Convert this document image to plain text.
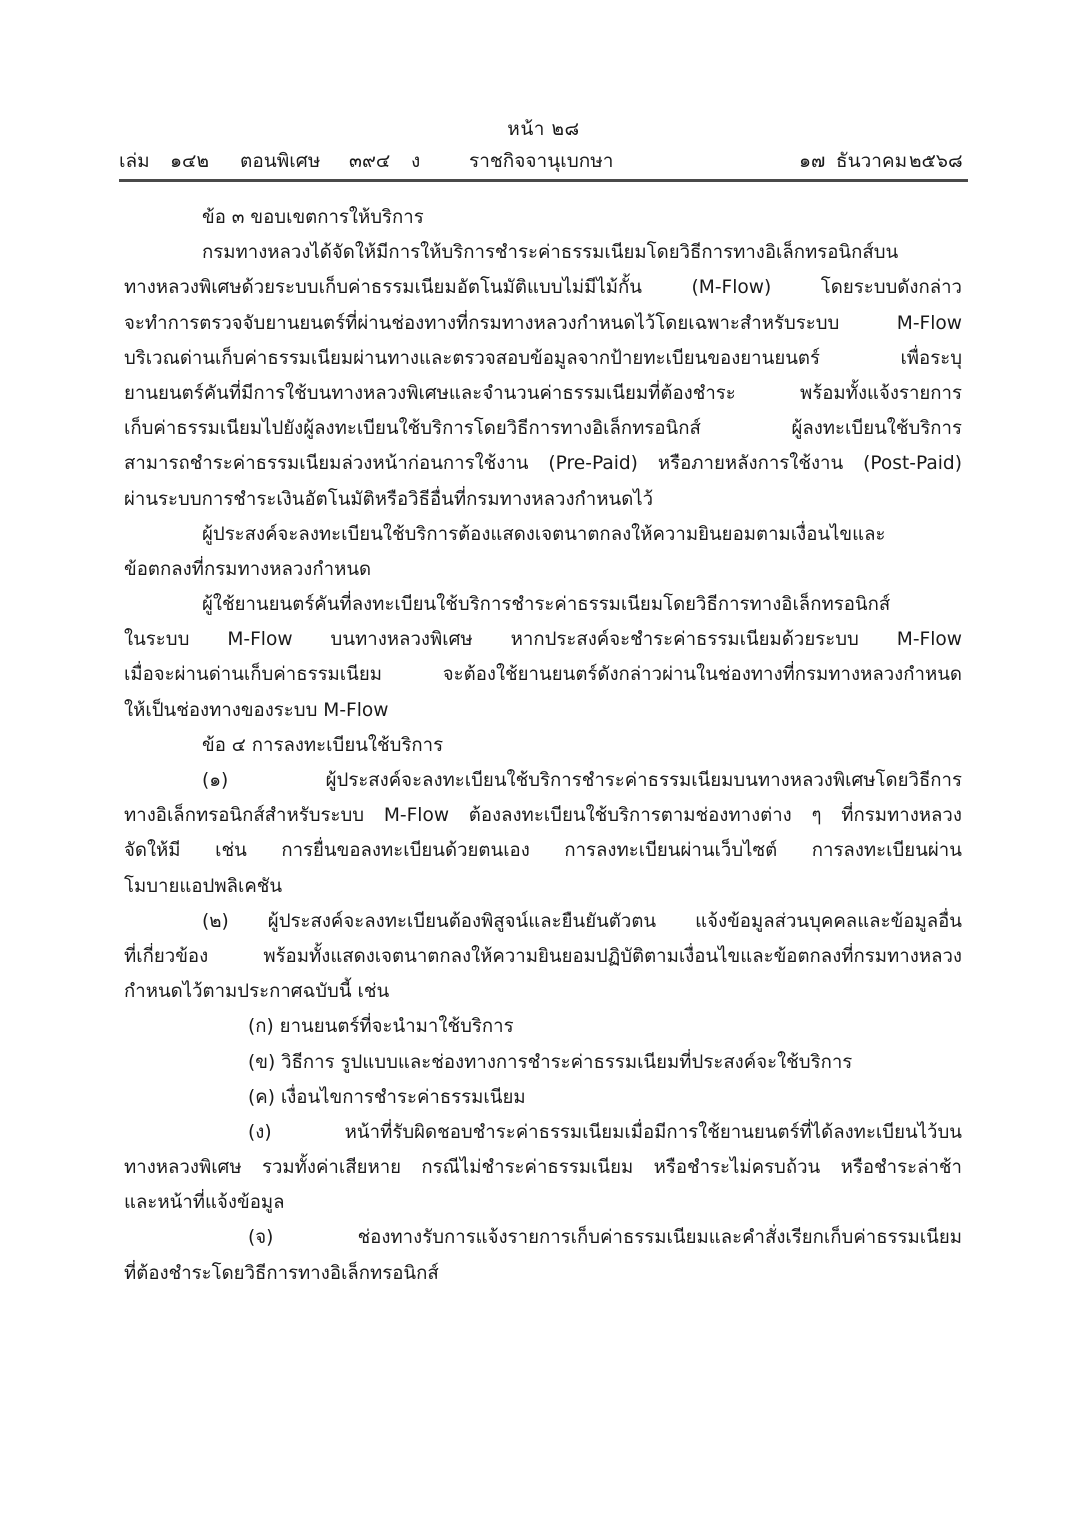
หน้า ๒๘
เล่ม ๑๔๒ ตอนพิเศษ ๓๙๔ ง	ราชกิจจานุเบกษา	๑๗ ธันวาคม ๒๕๖๘
ข้อ ๓ ขอบเขตการให้บริการ
กรมทางหลวงได้จัดให้มีการให้บริการชำระค่าธรรมเนียมโดยวิธีการทางอิเล็กทรอนิกส์บน
ทางหลวงพิเศษด้วยระบบเก็บค่าธรรมเนียมอัตโนมัติแบบไม่มีไม้กั้น	(M-Flow)	โดยระบบดังกล่าว
จะทำการตรวจจับยานยนตร์ที่ผ่านช่องทางที่กรมทางหลวงกำหนดไว้โดยเฉพาะสำหรับระบบ	M-Flow
บริเวณด่านเก็บค่าธรรมเนียมผ่านทางและตรวจสอบข้อมูลจากป้ายทะเบียนของยานยนตร์	เพื่อระบุ
ยานยนตร์คันที่มีการใช้บนทางหลวงพิเศษและจำนวนค่าธรรมเนียมที่ต้องชำระ	พร้อมทั้งแจ้งรายการ
เก็บค่าธรรมเนียมไปยังผู้ลงทะเบียนใช้บริการโดยวิธีการทางอิเล็กทรอนิกส์	ผู้ลงทะเบียนใช้บริการ
สามารถชำระค่าธรรมเนียมล่วงหน้าก่อนการใช้งาน (Pre-Paid) หรือภายหลังการใช้งาน (Post-Paid)
ผ่านระบบการชำระเงินอัตโนมัติหรือวิธีอื่นที่กรมทางหลวงกำหนดไว้
ผู้ประสงค์จะลงทะเบียนใช้บริการต้องแสดงเจตนาตกลงให้ความยินยอมตามเงื่อนไขและ
ข้อตกลงที่กรมทางหลวงกำหนด
ผู้ใช้ยานยนตร์คันที่ลงทะเบียนใช้บริการชำระค่าธรรมเนียมโดยวิธีการทางอิเล็กทรอนิกส์
ในระบบ M-Flow บนทางหลวงพิเศษ หากประสงค์จะชำระค่าธรรมเนียมด้วยระบบ M-Flow
เมื่อจะผ่านด่านเก็บค่าธรรมเนียม	จะต้องใช้ยานยนตร์ดังกล่าวผ่านในช่องทางที่กรมทางหลวงกำหนด
ให้เป็นช่องทางของระบบ M-Flow
ข้อ ๔ การลงทะเบียนใช้บริการ
(๑)	ผู้ประสงค์จะลงทะเบียนใช้บริการชำระค่าธรรมเนียมบนทางหลวงพิเศษโดยวิธีการ
ทางอิเล็กทรอนิกส์สำหรับระบบ M-Flow ต้องลงทะเบียนใช้บริการตามช่องทางต่าง ๆ ที่กรมทางหลวง
จัดให้มี เช่น การยื่นขอลงทะเบียนด้วยตนเอง การลงทะเบียนผ่านเว็บไซต์ การลงทะเบียนผ่าน
โมบายแอปพลิเคชัน
(๒) ผู้ประสงค์จะลงทะเบียนต้องพิสูจน์และยืนยันตัวตน แจ้งข้อมูลส่วนบุคคลและข้อมูลอื่น
ที่เกี่ยวข้อง	พร้อมทั้งแสดงเจตนาตกลงให้ความยินยอมปฏิบัติตามเงื่อนไขและข้อตกลงที่กรมทางหลวง
กำหนดไว้ตามประกาศฉบับนี้ เช่น
(ก) ยานยนตร์ที่จะนำมาใช้บริการ
(ข) วิธีการ รูปแบบและช่องทางการชำระค่าธรรมเนียมที่ประสงค์จะใช้บริการ
(ค) เงื่อนไขการชำระค่าธรรมเนียม
(ง)	หน้าที่รับผิดชอบชำระค่าธรรมเนียมเมื่อมีการใช้ยานยนตร์ที่ได้ลงทะเบียนไว้บน
ทางหลวงพิเศษ รวมทั้งค่าเสียหาย กรณีไม่ชำระค่าธรรมเนียม หรือชำระไม่ครบถ้วน หรือชำระล่าช้า
และหน้าที่แจ้งข้อมูล
(จ)	ช่องทางรับการแจ้งรายการเก็บค่าธรรมเนียมและคำสั่งเรียกเก็บค่าธรรมเนียม
ที่ต้องชำระโดยวิธีการทางอิเล็กทรอนิกส์
